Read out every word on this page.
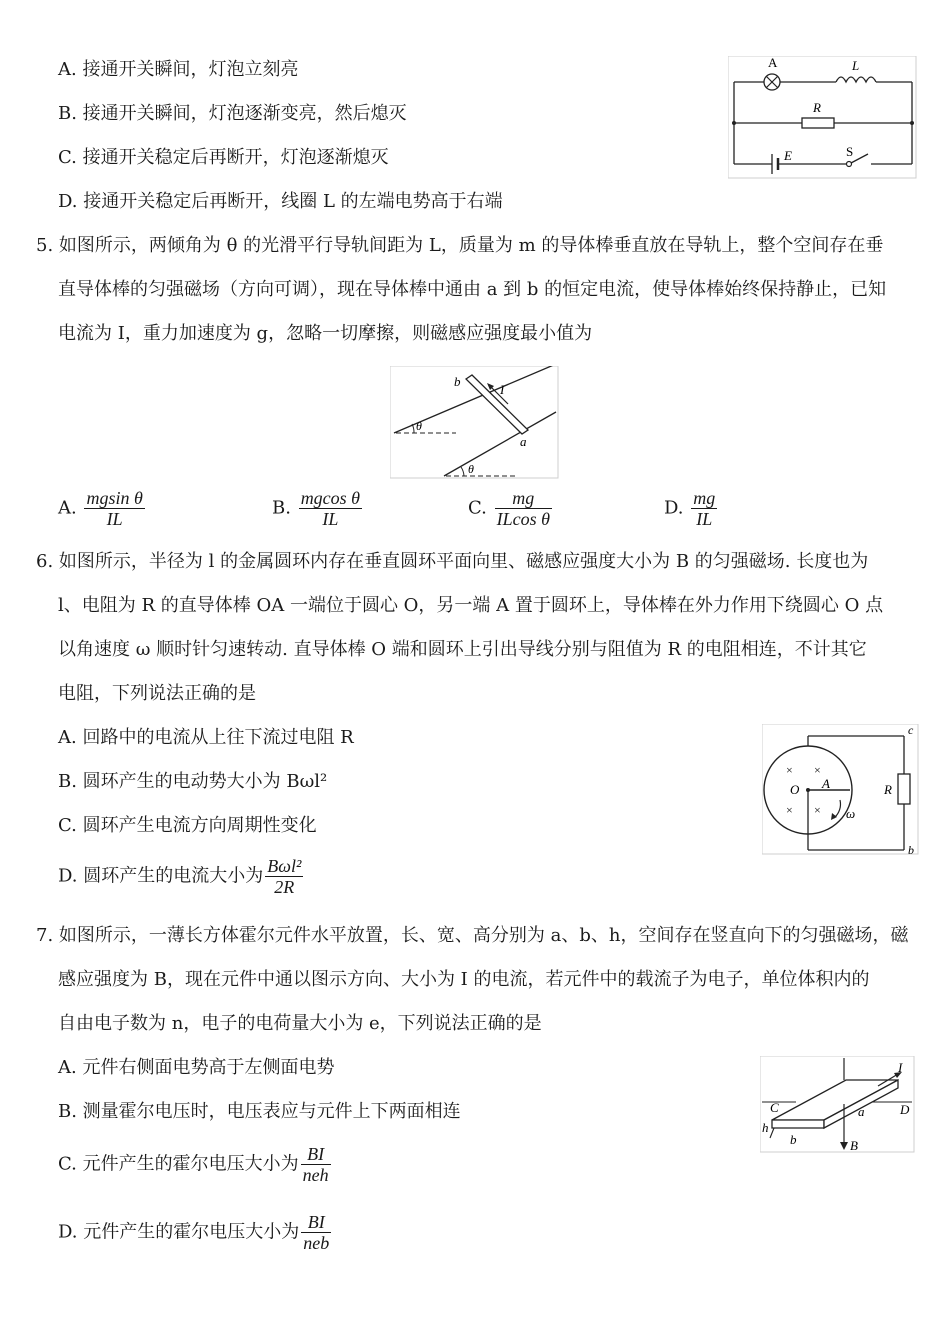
A. 接通开关瞬间，灯泡立刻亮
B. 接通开关瞬间，灯泡逐渐变亮，然后熄灭
C. 接通开关稳定后再断开，灯泡逐渐熄灭
D. 接通开关稳定后再断开，线圈 L 的左端电势高于右端
A	L
R
E	S
5. 如图所示，两倾角为 θ 的光滑平行导轨间距为 L，质量为 m 的导体棒垂直放在导轨上，整个空间存在垂
直导体棒的匀强磁场（方向可调），现在导体棒中通由 a 到 b 的恒定电流，使导体棒始终保持静止，已知
电流为 I，重力加速度为 g，忽略一切摩擦，则磁感应强度最小值为
b
a
I
θ
θ
A. $\frac{\text{mgsin θ}}{IL}$	B. $\frac{\text{mgcos θ}}{IL}$	C. $\frac{mg}{\text{ILcos θ}}$	D. $\frac{mg}{IL}$
6. 如图所示，半径为 l 的金属圆环内存在垂直圆环平面向里、磁感应强度大小为 B 的匀强磁场. 长度也为
l、电阻为 R 的直导体棒 OA 一端位于圆心 O，另一端 A 置于圆环上，导体棒在外力作用下绕圆心 O 点
以角速度 ω 顺时针匀速转动. 直导体棒 O 端和圆环上引出导线分别与阻值为 R 的电阻相连，不计其它
电阻，下列说法正确的是
A. 回路中的电流从上往下流过电阻 R
B. 圆环产生的电动势大小为 Bωl²
C. 圆环产生电流方向周期性变化
D. 圆环产生的电流大小为 $\frac{\text{Bωl²}}{2R}$
× ×
× ×
O A	R
c
b
ω
7. 如图所示，一薄长方体霍尔元件水平放置，长、宽、高分别为 a、b、h，空间存在竖直向下的匀强磁场，磁
感应强度为 B，现在元件中通以图示方向、大小为 I 的电流，若元件中的载流子为电子，单位体积内的
自由电子数为 n，电子的电荷量大小为 e，下列说法正确的是
A. 元件右侧面电势高于左侧面电势
B. 测量霍尔电压时，电压表应与元件上下两面相连
C. 元件产生的霍尔电压大小为 $\frac{BI}{\text{neh}}$
D. 元件产生的霍尔电压大小为 $\frac{BI}{\text{neb}}$
I
C	D
a
b
h
B
